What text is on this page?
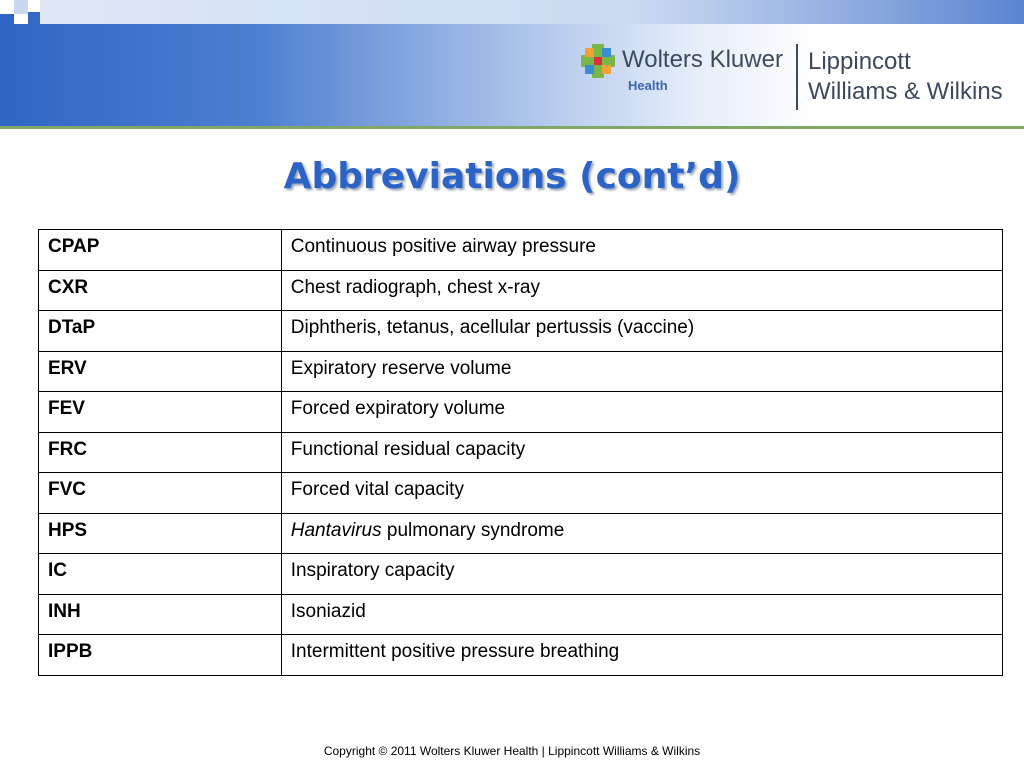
Wolters Kluwer
Health
Lippincott
Williams & Wilkins
Abbreviations (cont’d)
CPAP	Continuous positive airway pressure
CXR	Chest radiograph, chest x-ray
DTaP	Diphtheris, tetanus, acellular pertussis (vaccine)
ERV	Expiratory reserve volume
FEV	Forced expiratory volume
FRC	Functional residual capacity
FVC	Forced vital capacity
HPS	Hantavirus pulmonary syndrome
IC	Inspiratory capacity
INH	Isoniazid
IPPB	Intermittent positive pressure breathing
Copyright © 2011 Wolters Kluwer Health | Lippincott Williams & Wilkins
